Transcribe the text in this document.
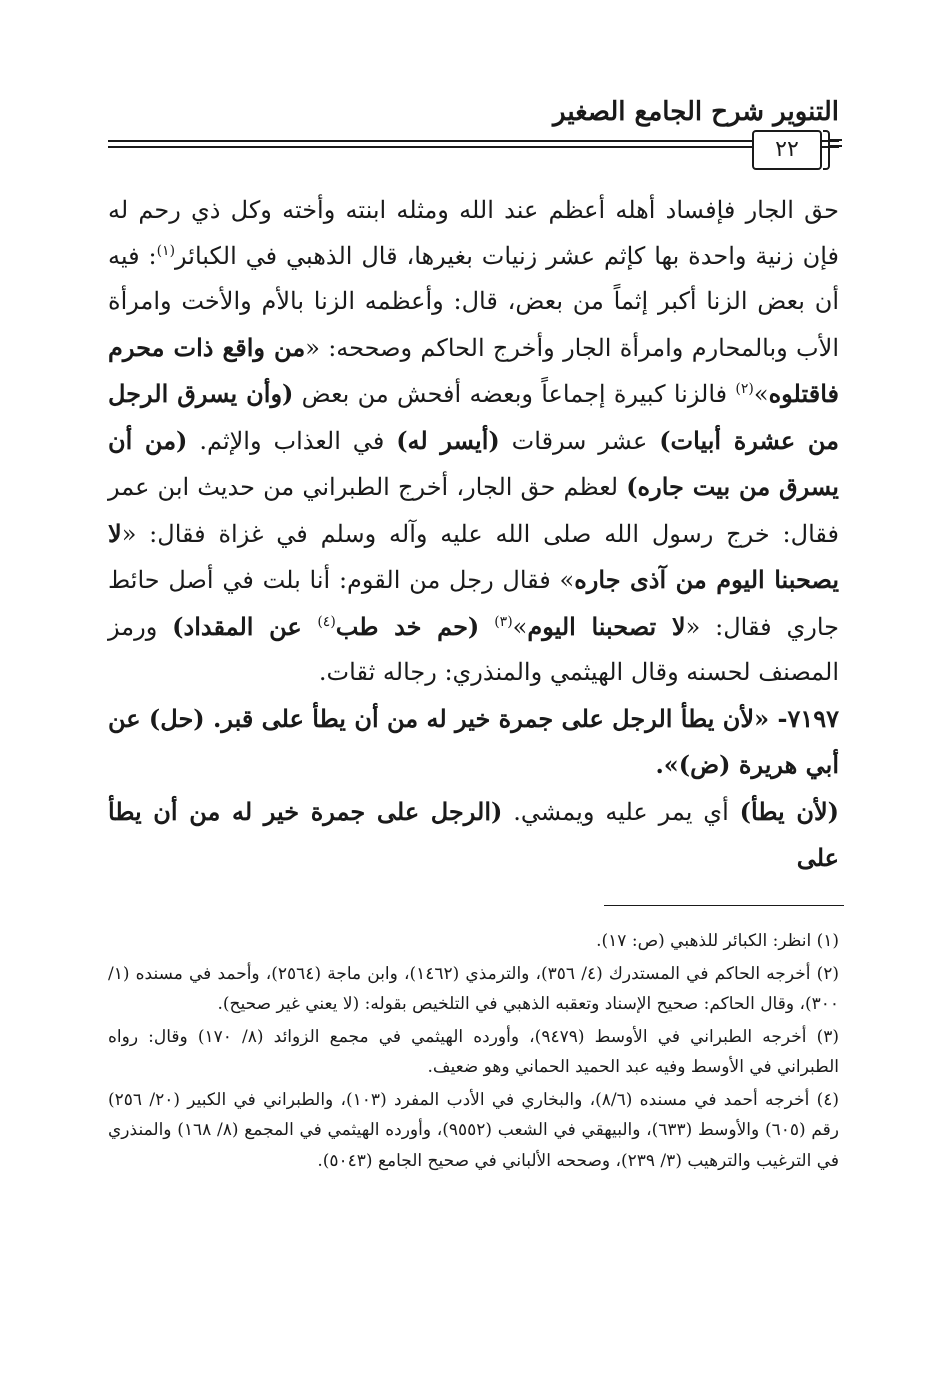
التنوير شرح الجامع الصغير
٢٢

حق الجار فإفساد أهله أعظم عند الله ومثله ابنته وأخته وكل ذي رحم له فإن زنية واحدة بها كإثم عشر زنيات بغيرها، قال الذهبي في الكبائر$^{(١)}$: فيه أن بعض الزنا أكبر إثماً من بعض، قال: وأعظمه الزنا بالأم والأخت وامرأة الأب وبالمحارم وامرأة الجار وأخرج الحاكم وصححه: «من واقع ذات محرم فاقتلوه»$^{(٢)}$ فالزنا كبيرة إجماعاً وبعضه أفحش من بعض (وأن يسرق الرجل من عشرة أبيات) عشر سرقات (أيسر له) في العذاب والإثم. (من أن يسرق من بيت جاره) لعظم حق الجار، أخرج الطبراني من حديث ابن عمر فقال: خرج رسول الله صلى الله عليه وآله وسلم في غزاة فقال: «لا يصحبنا اليوم من آذى جاره» فقال رجل من القوم: أنا بلت في أصل حائط جاري فقال: «لا تصحبنا اليوم»$^{(٣)}$ (حم خد طب$^{(٤)}$ عن المقداد) ورمز المصنف لحسنه وقال الهيثمي والمنذري: رجاله ثقات.

٧١٩٧- «لأن يطأ الرجل على جمرة خير له من أن يطأ على قبر. (حل) عن أبي هريرة (ض)».

(لأن يطأ) أي يمر عليه ويمشي. (الرجل على جمرة خير له من أن يطأ على

(١) انظر: الكبائر للذهبي (ص: ١٧).

(٢) أخرجه الحاكم في المستدرك (٤/ ٣٥٦)، والترمذي (١٤٦٢)، وابن ماجة (٢٥٦٤)، وأحمد في مسنده (١/ ٣٠٠)، وقال الحاكم: صحيح الإسناد وتعقبه الذهبي في التلخيص بقوله: (لا يعني غير صحيح).

(٣) أخرجه الطبراني في الأوسط (٩٤٧٩)، وأورده الهيثمي في مجمع الزوائد (٨/ ١٧٠) وقال: رواه الطبراني في الأوسط وفيه عبد الحميد الحماني وهو ضعيف.

(٤) أخرجه أحمد في مسنده (٨/٦)، والبخاري في الأدب المفرد (١٠٣)، والطبراني في الكبير (٢٠/ ٢٥٦) رقم (٦٠٥) والأوسط (٦٣٣)، والبيهقي في الشعب (٩٥٥٢)، وأورده الهيثمي في المجمع (٨/ ١٦٨) والمنذري في الترغيب والترهيب (٣/ ٢٣٩)، وصححه الألباني في صحيح الجامع (٥٠٤٣).
